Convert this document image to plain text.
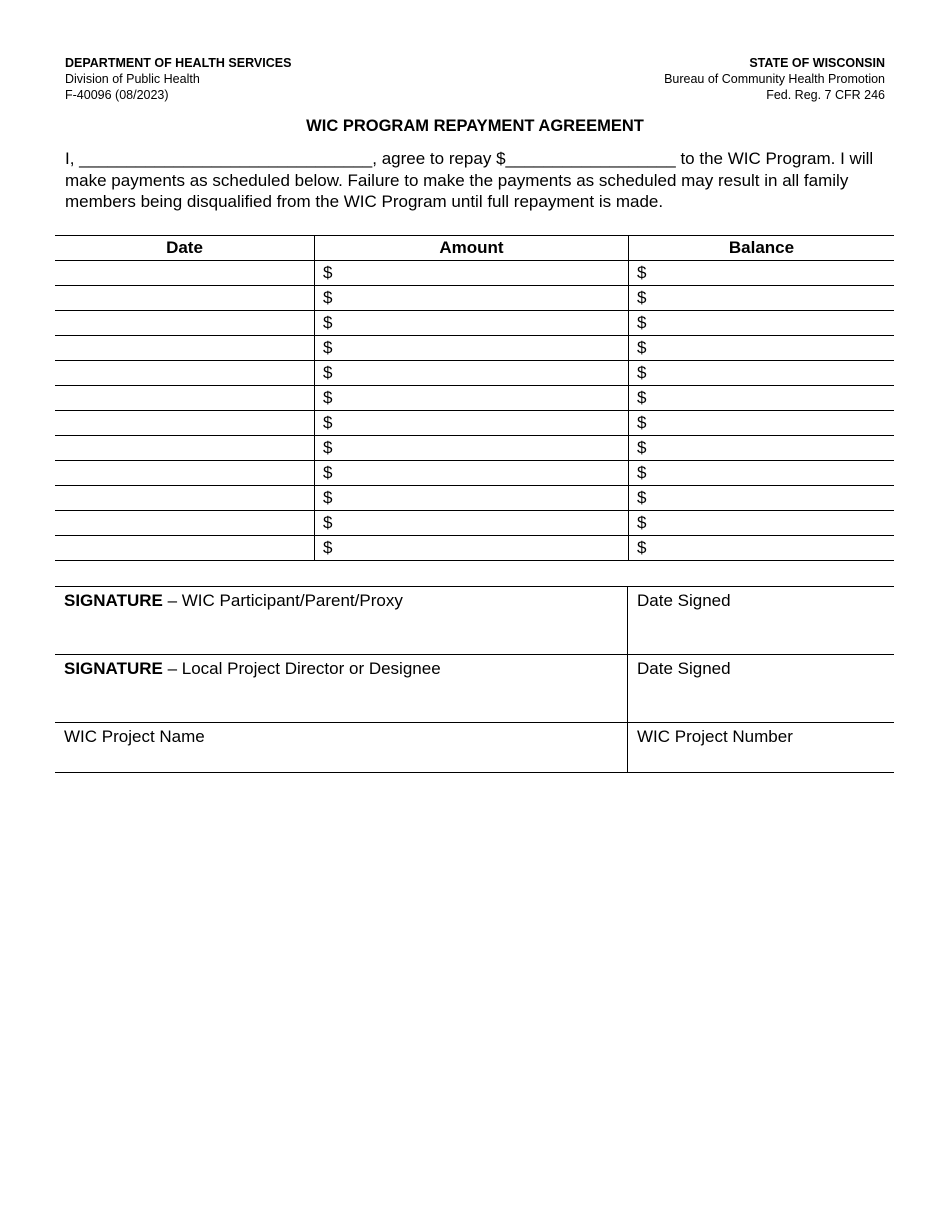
DEPARTMENT OF HEALTH SERVICES
Division of Public Health
F-40096 (08/2023)
STATE OF WISCONSIN
Bureau of Community Health Promotion
Fed. Reg. 7 CFR 246
WIC PROGRAM REPAYMENT AGREEMENT
I, _______________________________, agree to repay $__________________ to the WIC Program. I will make payments as scheduled below. Failure to make the payments as scheduled may result in all family members being disqualified from the WIC Program until full repayment is made.
Date	Amount	Balance
	$	$
	$	$
	$	$
	$	$
	$	$
	$	$
	$	$
	$	$
	$	$
	$	$
	$	$
	$	$
SIGNATURE – WIC Participant/Parent/Proxy	Date Signed
SIGNATURE – Local Project Director or Designee	Date Signed
WIC Project Name	WIC Project Number
